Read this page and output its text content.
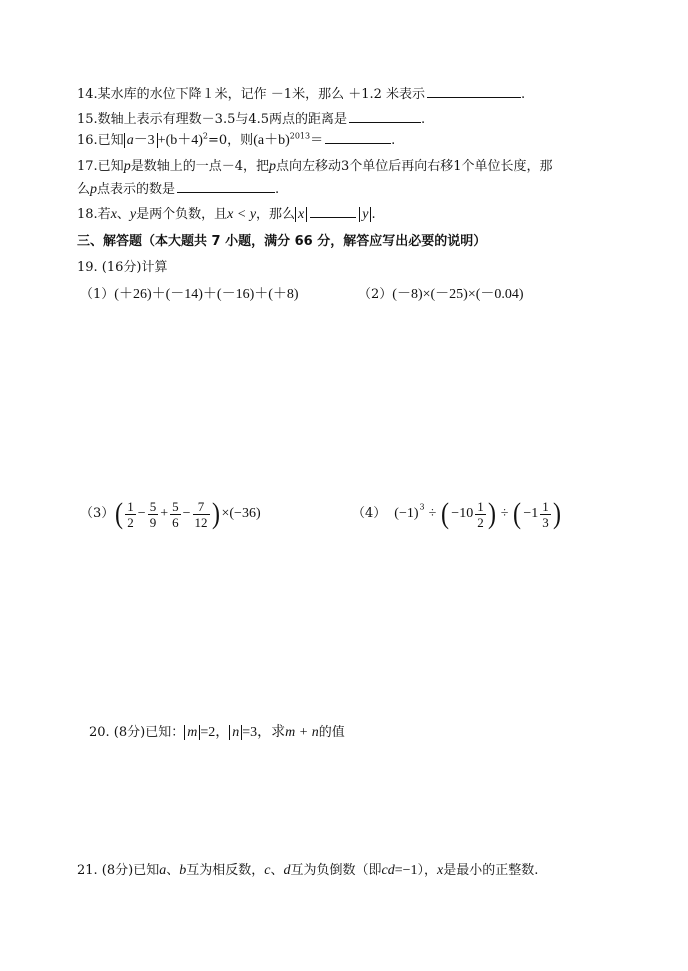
14.某水库的水位下降１米，记作 －1米，那么 ＋1.2 米表示	.
15.数轴上表示有理数－3.5与4.5两点的距离是	.
16.已知 $a-3 +(b+4)^2=0$，则$(a+b)^{2013}=$	.
17.已知p是数轴上的一点－4，把p点向左移动3个单位后再向右移1个单位长度，那
么p点表示的数是	.
18.若x、y是两个负数，且x < y，那么 x	y .
三、解答题（本大题共 7 小题，满分 66 分，解答应写出必要的说明）
19. (16分)计算
（1）(＋26)＋(－14)＋(－16)＋(＋8)	（2）(－8)×(－25)×(－0.04)
$(3)( \frac{1}{2} - \frac{5}{9} + \frac{5}{6} - \frac{7}{12}$ ) ×(−36)	（4） $(-1)^3$ ÷ ( $-10 \frac{1}{2}$ ) ÷ ( $-1 \frac{1}{3}$ )
20. (8分)已知： m =2， n =3，求m + n的值
21. (8分)已知a、b互为相反数，c、d互为负倒数（即cd=−1），x是最小的正整数.
